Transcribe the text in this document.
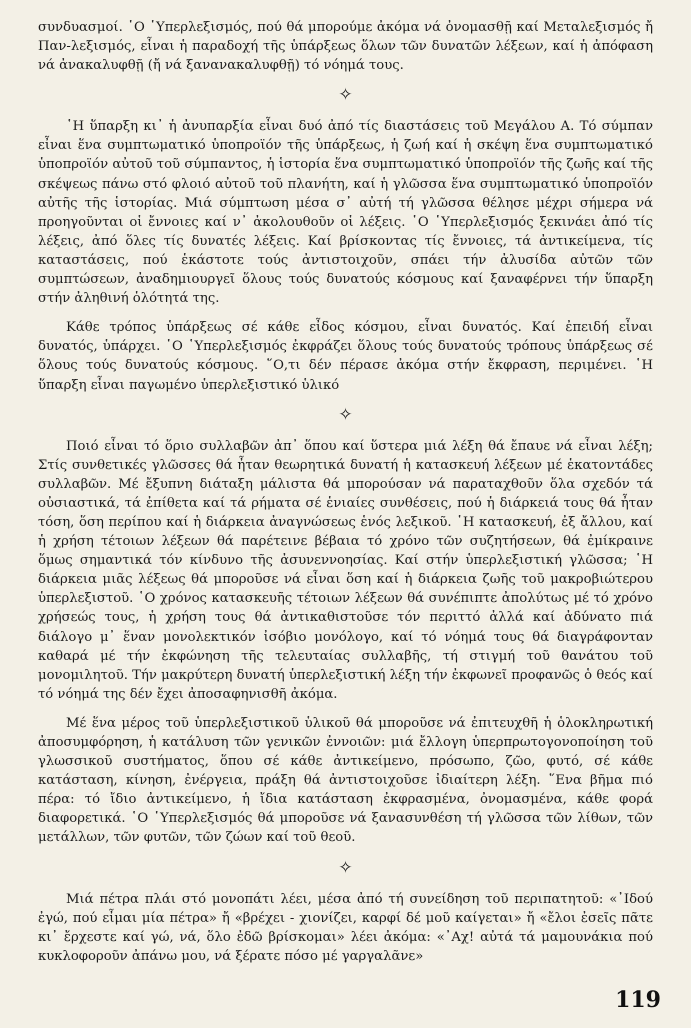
συνδυασμοί. ῾Ο ῾Υπερλεξισμός, πού θά μπορούμε ἀκόμα νά ὀνομασθῇ καί Μεταλεξισμός ἤ Παν-λεξισμός, εἶναι ἡ παραδοχή τῆς ὑπάρξεως ὅλων τῶν δυνατῶν λέξεων, καί ἡ ἀπόφαση νά ἀνακαλυφθῇ (ἤ νά ξανανακαλυφθῇ) τό νόημά τους.

✧

῾Η ὕπαρξη κι᾽ ἡ ἀνυπαρξία εἶναι δυό ἀπό τίς διαστάσεις τοῦ Μεγάλου Α. Τό σύμπαν εἶναι ἕνα συμπτωματικό ὑποπροϊόν τῆς ὑπάρξεως, ἡ ζωή καί ἡ σκέψη ἕνα συμπτωματικό ὑποπροϊόν αὐτοῦ τοῦ σύμπαντος, ἡ ἱστορία ἕνα συμπτωματικό ὑποπροϊόν τῆς ζωῆς καί τῆς σκέψεως πάνω στό φλοιό αὐτοῦ τοῦ πλανήτη, καί ἡ γλῶσσα ἕνα συμπτωματικό ὑποπροϊόν αὐτῆς τῆς ἱστορίας. Μιά σύμπτωση μέσα σ᾽ αὐτή τή γλῶσσα θέλησε μέχρι σήμερα νά προηγοῦνται οἱ ἔννοιες καί ν᾽ ἀκολουθοῦν οἱ λέξεις. ῾Ο ῾Υπερλεξισμός ξεκινάει ἀπό τίς λέξεις, ἀπό ὅλες τίς δυνατές λέξεις. Καί βρίσκοντας τίς ἔννοιες, τά ἀντικείμενα, τίς καταστάσεις, πού ἑκάστοτε τούς ἀντιστοιχοῦν, σπάει τήν ἀλυσίδα αὐτῶν τῶν συμπτώσεων, ἀναδημιουργεῖ ὅλους τούς δυνατούς κόσμους καί ξαναφέρνει τήν ὕπαρξη στήν ἀληθινή ὁλότητά της.

Κάθε τρόπος ὑπάρξεως σέ κάθε εἶδος κόσμου, εἶναι δυνατός. Καί ἐπειδή εἶναι δυνατός, ὑπάρχει. ῾Ο ῾Υπερλεξισμός ἐκφράζει ὅλους τούς δυνατούς τρόπους ὑπάρξεως σέ ὅλους τούς δυνατούς κόσμους. ῞Ο,τι δέν πέρασε ἀκόμα στήν ἔκφραση, περιμένει. ῾Η ὕπαρξη εἶναι παγωμένο ὑπερλεξιστικό ὑλικό

✧

Ποιό εἶναι τό ὅριο συλλαβῶν ἀπ᾽ ὅπου καί ὕστερα μιά λέξη θά ἔπαυε νά εἶναι λέξη; Στίς συνθετικές γλῶσσες θά ἦταν θεωρητικά δυνατή ἡ κατασκευή λέξεων μέ ἑκατοντάδες συλλαβῶν. Μέ ἔξυπνη διάταξη μάλιστα θά μπορούσαν νά παραταχθοῦν ὅλα σχεδόν τά οὐσιαστικά, τά ἐπίθετα καί τά ρήματα σέ ἑνιαίες συνθέσεις, πού ἡ διάρκειά τους θά ἦταν τόση, ὅση περίπου καί ἡ διάρκεια ἀναγνώσεως ἑνός λεξικοῦ. ῾Η κατασκευή, ἐξ ἄλλου, καί ἡ χρήση τέτοιων λέξεων θά παρέτεινε βέβαια τό χρόνο τῶν συζητήσεων, θά ἐμίκραινε ὅμως σημαντικά τόν κίνδυνο τῆς ἀσυνεννοησίας. Καί στήν ὑπερλεξιστική γλῶσσα; ῾Η διάρκεια μιᾶς λέξεως θά μποροῦσε νά εἶναι ὅση καί ἡ διάρκεια ζωῆς τοῦ μακροβιώτερου ὑπερλεξιστοῦ. ῾Ο χρόνος κατασκευῆς τέτοιων λέξεων θά συνέπιπτε ἀπολύτως μέ τό χρόνο χρήσεώς τους, ἡ χρήση τους θά ἀντικαθιστοῦσε τόν περιττό ἀλλά καί ἀδύνατο πιά διάλογο μ᾽ ἕναν μονολεκτικόν ἰσόβιο μονόλογο, καί τό νόημά τους θά διαγράφονταν καθαρά μέ τήν ἐκφώνηση τῆς τελευταίας συλλαβῆς, τή στιγμή τοῦ θανάτου τοῦ μονομιλητοῦ. Τήν μακρύτερη δυνατή ὑπερλεξιστική λέξη τήν ἐκφωνεῖ προφανῶς ὁ θεός καί τό νόημά της δέν ἔχει ἀποσαφηνισθῆ ἀκόμα.

Μέ ἕνα μέρος τοῦ ὑπερλεξιστικοῦ ὑλικοῦ θά μποροῦσε νά ἐπιτευχθῆ ἡ ὁλοκληρωτική ἀποσυμφόρηση, ἡ κατάλυση τῶν γενικῶν ἐννοιῶν: μιά ἔλλογη ὑπερπρωτογονοποίηση τοῦ γλωσσικοῦ συστήματος, ὅπου σέ κάθε ἀντικείμενο, πρόσωπο, ζῶο, φυτό, σέ κάθε κατάσταση, κίνηση, ἐνέργεια, πράξη θά ἀντιστοιχοῦσε ἰδιαίτερη λέξη. ῞Ενα βῆμα πιό πέρα: τό ἴδιο ἀντικείμενο, ἡ ἴδια κατάσταση ἐκφρασμένα, ὀνομασμένα, κάθε φορά διαφορετικά. ῾Ο ῾Υπερλεξισμός θά μποροῦσε νά ξανασυνθέση τή γλῶσσα τῶν λίθων, τῶν μετάλλων, τῶν φυτῶν, τῶν ζώων καί τοῦ θεοῦ.

✧

Μιά πέτρα πλάι στό μονοπάτι λέει, μέσα ἀπό τή συνείδηση τοῦ περιπατητοῦ: «᾽Ιδού ἐγώ, πού εἶμαι μία πέτρα» ἤ «βρέχει - χιονίζει, καρφί δέ μοῦ καίγεται» ἤ «ἔλοι ἐσεῖς πᾶτε κι᾽ ἔρχεστε καί γώ, νά, ὅλο ἐδῶ βρίσκομαι» λέει ἀκόμα: «᾽Αχ! αὐτά τά μαμουνάκια πού κυκλοφοροῦν ἀπάνω μου, νά ξέρατε πόσο μέ γαργαλᾶνε»

119
